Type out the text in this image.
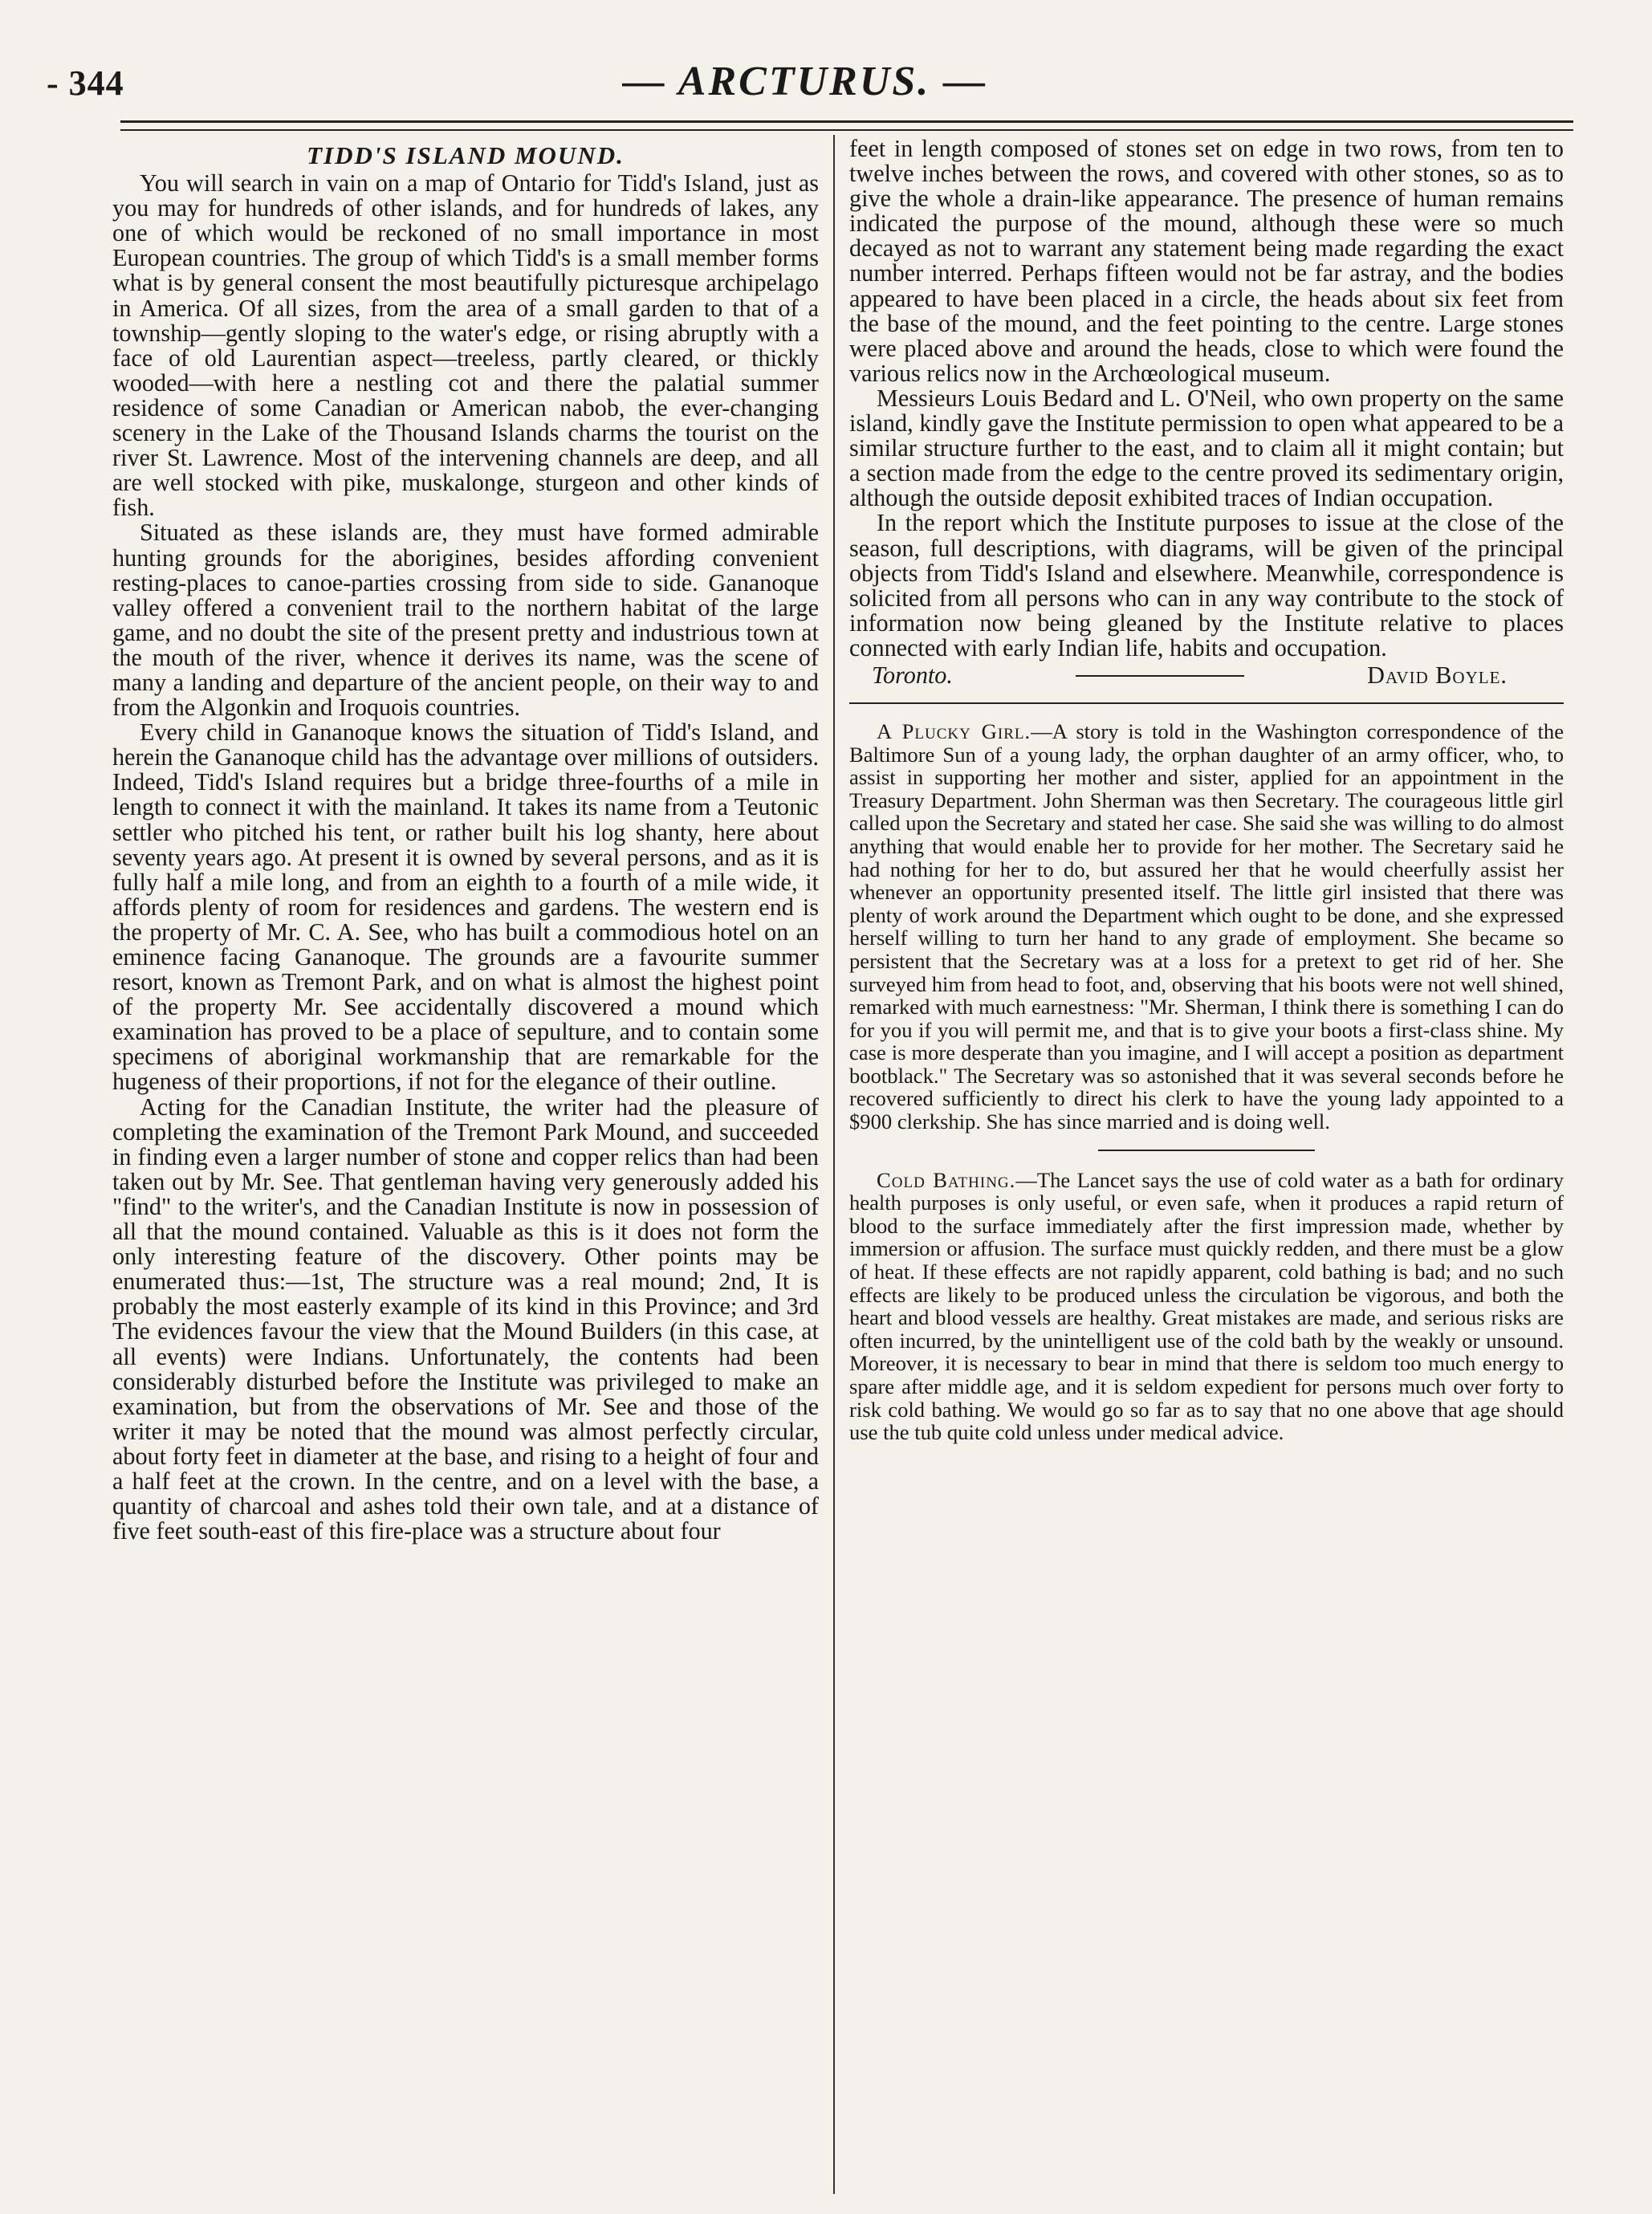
- 344	— ARCTURUS. —
TIDD'S ISLAND MOUND.

You will search in vain on a map of Ontario for Tidd's Island, just as you may for hundreds of other islands, and for hundreds of lakes, any one of which would be reckoned of no small importance in most European countries. The group of which Tidd's is a small member forms what is by general consent the most beautifully picturesque archipelago in America. Of all sizes, from the area of a small garden to that of a township—gently sloping to the water's edge, or rising abruptly with a face of old Laurentian aspect—treeless, partly cleared, or thickly wooded—with here a nestling cot and there the palatial summer residence of some Canadian or American nabob, the ever-changing scenery in the Lake of the Thousand Islands charms the tourist on the river St. Lawrence. Most of the intervening channels are deep, and all are well stocked with pike, muskalonge, sturgeon and other kinds of fish.

Situated as these islands are, they must have formed admirable hunting grounds for the aborigines, besides affording convenient resting-places to canoe-parties crossing from side to side. Gananoque valley offered a convenient trail to the northern habitat of the large game, and no doubt the site of the present pretty and industrious town at the mouth of the river, whence it derives its name, was the scene of many a landing and departure of the ancient people, on their way to and from the Algonkin and Iroquois countries.

Every child in Gananoque knows the situation of Tidd's Island, and herein the Gananoque child has the advantage over millions of outsiders. Indeed, Tidd's Island requires but a bridge three-fourths of a mile in length to connect it with the mainland. It takes its name from a Teutonic settler who pitched his tent, or rather built his log shanty, here about seventy years ago. At present it is owned by several persons, and as it is fully half a mile long, and from an eighth to a fourth of a mile wide, it affords plenty of room for residences and gardens. The western end is the property of Mr. C. A. See, who has built a commodious hotel on an eminence facing Gananoque. The grounds are a favourite summer resort, known as Tremont Park, and on what is almost the highest point of the property Mr. See accidentally discovered a mound which examination has proved to be a place of sepulture, and to contain some specimens of aboriginal workmanship that are remarkable for the hugeness of their proportions, if not for the elegance of their outline.

Acting for the Canadian Institute, the writer had the pleasure of completing the examination of the Tremont Park Mound, and succeeded in finding even a larger number of stone and copper relics than had been taken out by Mr. See. That gentleman having very generously added his "find" to the writer's, and the Canadian Institute is now in possession of all that the mound contained. Valuable as this is it does not form the only interesting feature of the discovery. Other points may be enumerated thus:—1st, The structure was a real mound; 2nd, It is probably the most easterly example of its kind in this Province; and 3rd The evidences favour the view that the Mound Builders (in this case, at all events) were Indians. Unfortunately, the contents had been considerably disturbed before the Institute was privileged to make an examination, but from the observations of Mr. See and those of the writer it may be noted that the mound was almost perfectly circular, about forty feet in diameter at the base, and rising to a height of four and a half feet at the crown. In the centre, and on a level with the base, a quantity of charcoal and ashes told their own tale, and at a distance of five feet south-east of this fire-place was a structure about four

feet in length composed of stones set on edge in two rows, from ten to twelve inches between the rows, and covered with other stones, so as to give the whole a drain-like appearance. The presence of human remains indicated the purpose of the mound, although these were so much decayed as not to warrant any statement being made regarding the exact number interred. Perhaps fifteen would not be far astray, and the bodies appeared to have been placed in a circle, the heads about six feet from the base of the mound, and the feet pointing to the centre. Large stones were placed above and around the heads, close to which were found the various relics now in the Archœological museum.

Messieurs Louis Bedard and L. O'Neil, who own property on the same island, kindly gave the Institute permission to open what appeared to be a similar structure further to the east, and to claim all it might contain; but a section made from the edge to the centre proved its sedimentary origin, although the outside deposit exhibited traces of Indian occupation.

In the report which the Institute purposes to issue at the close of the season, full descriptions, with diagrams, will be given of the principal objects from Tidd's Island and elsewhere. Meanwhile, correspondence is solicited from all persons who can in any way contribute to the stock of information now being gleaned by the Institute relative to places connected with early Indian life, habits and occupation.

Toronto.	David Boyle.

A Plucky Girl.—A story is told in the Washington correspondence of the Baltimore Sun of a young lady, the orphan daughter of an army officer, who, to assist in supporting her mother and sister, applied for an appointment in the Treasury Department. John Sherman was then Secretary. The courageous little girl called upon the Secretary and stated her case. She said she was willing to do almost anything that would enable her to provide for her mother. The Secretary said he had nothing for her to do, but assured her that he would cheerfully assist her whenever an opportunity presented itself. The little girl insisted that there was plenty of work around the Department which ought to be done, and she expressed herself willing to turn her hand to any grade of employment. She became so persistent that the Secretary was at a loss for a pretext to get rid of her. She surveyed him from head to foot, and, observing that his boots were not well shined, remarked with much earnestness: "Mr. Sherman, I think there is something I can do for you if you will permit me, and that is to give your boots a first-class shine. My case is more desperate than you imagine, and I will accept a position as department bootblack." The Secretary was so astonished that it was several seconds before he recovered sufficiently to direct his clerk to have the young lady appointed to a $900 clerkship. She has since married and is doing well.

Cold Bathing.—The Lancet says the use of cold water as a bath for ordinary health purposes is only useful, or even safe, when it produces a rapid return of blood to the surface immediately after the first impression made, whether by immersion or affusion. The surface must quickly redden, and there must be a glow of heat. If these effects are not rapidly apparent, cold bathing is bad; and no such effects are likely to be produced unless the circulation be vigorous, and both the heart and blood vessels are healthy. Great mistakes are made, and serious risks are often incurred, by the unintelligent use of the cold bath by the weakly or unsound. Moreover, it is necessary to bear in mind that there is seldom too much energy to spare after middle age, and it is seldom expedient for persons much over forty to risk cold bathing. We would go so far as to say that no one above that age should use the tub quite cold unless under medical advice.
